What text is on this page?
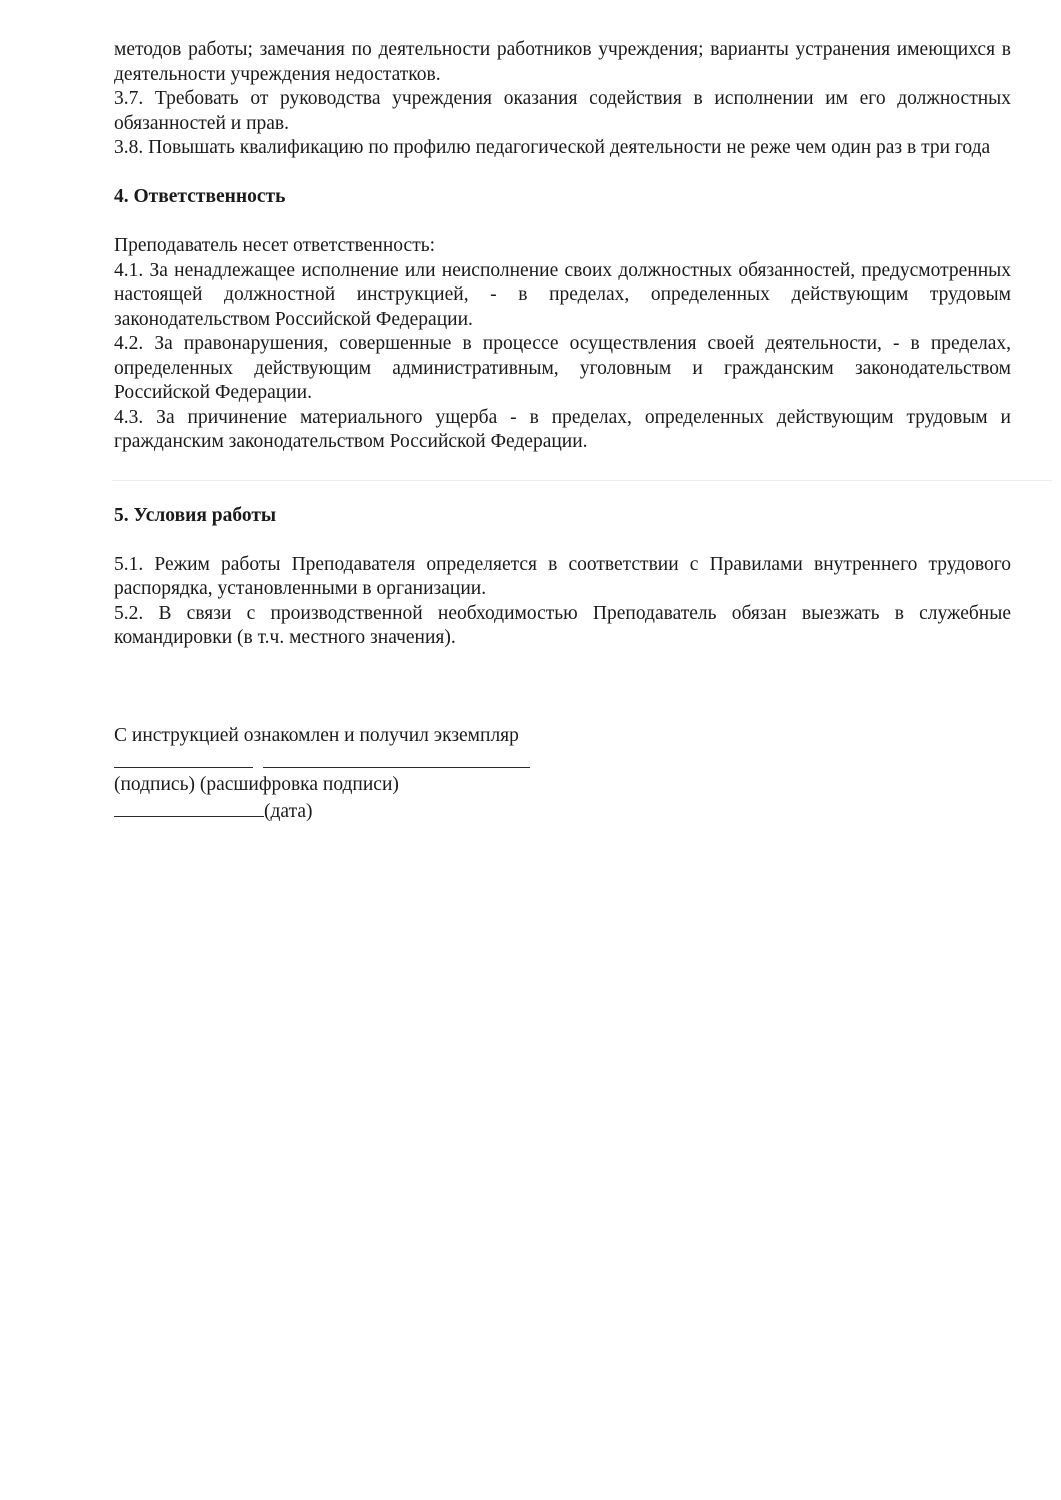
методов работы; замечания по деятельности работников учреждения; варианты устранения имеющихся в деятельности учреждения недостатков.

3.7. Требовать от руководства учреждения оказания содействия в исполнении им его должностных обязанностей и прав.

3.8. Повышать квалификацию по профилю педагогической деятельности не реже чем один раз в три года

4. Ответственность

Преподаватель несет ответственность:

4.1. За ненадлежащее исполнение или неисполнение своих должностных обязанностей, предусмотренных настоящей должностной инструкцией, - в пределах, определенных действующим трудовым законодательством Российской Федерации.

4.2. За правонарушения, совершенные в процессе осуществления своей деятельности, - в пределах, определенных действующим административным, уголовным и гражданским законодательством Российской Федерации.

4.3. За причинение материального ущерба - в пределах, определенных действующим трудовым и гражданским законодательством Российской Федерации.

5. Условия работы

5.1. Режим работы Преподавателя определяется в соответствии с Правилами внутреннего трудового распорядка, установленными в организации.

5.2. В связи с производственной необходимостью Преподаватель обязан выезжать в служебные командировки (в т.ч. местного значения).

С инструкцией ознакомлен и получил экземпляр

(подпись) (расшифровка подписи)

(дата)
